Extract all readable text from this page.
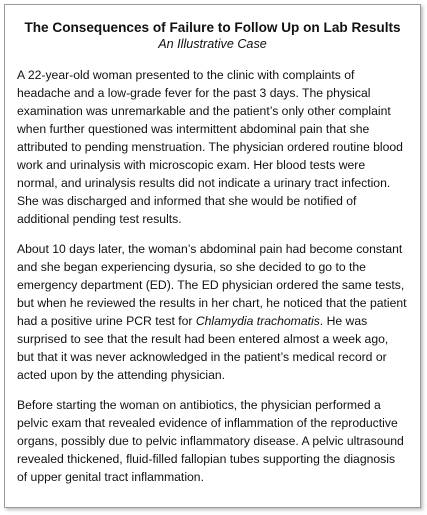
The Consequences of Failure to Follow Up on Lab Results
An Illustrative Case

A 22-year-old woman presented to the clinic with complaints of headache and a low-grade fever for the past 3 days. The physical examination was unremarkable and the patient’s only other complaint when further questioned was intermittent abdominal pain that she attributed to pending menstruation. The physician ordered routine blood work and urinalysis with microscopic exam. Her blood tests were normal, and urinalysis results did not indicate a urinary tract infection. She was discharged and informed that she would be notified of additional pending test results.

About 10 days later, the woman’s abdominal pain had become constant and she began experiencing dysuria, so she decided to go to the emergency department (ED). The ED physician ordered the same tests, but when he reviewed the results in her chart, he noticed that the patient had a positive urine PCR test for Chlamydia trachomatis. He was surprised to see that the result had been entered almost a week ago, but that it was never acknowledged in the patient’s medical record or acted upon by the attending physician.

Before starting the woman on antibiotics, the physician performed a pelvic exam that revealed evidence of inflammation of the reproductive organs, possibly due to pelvic inflammatory disease. A pelvic ultrasound revealed thickened, fluid-filled fallopian tubes supporting the diagnosis of upper genital tract inflammation.
